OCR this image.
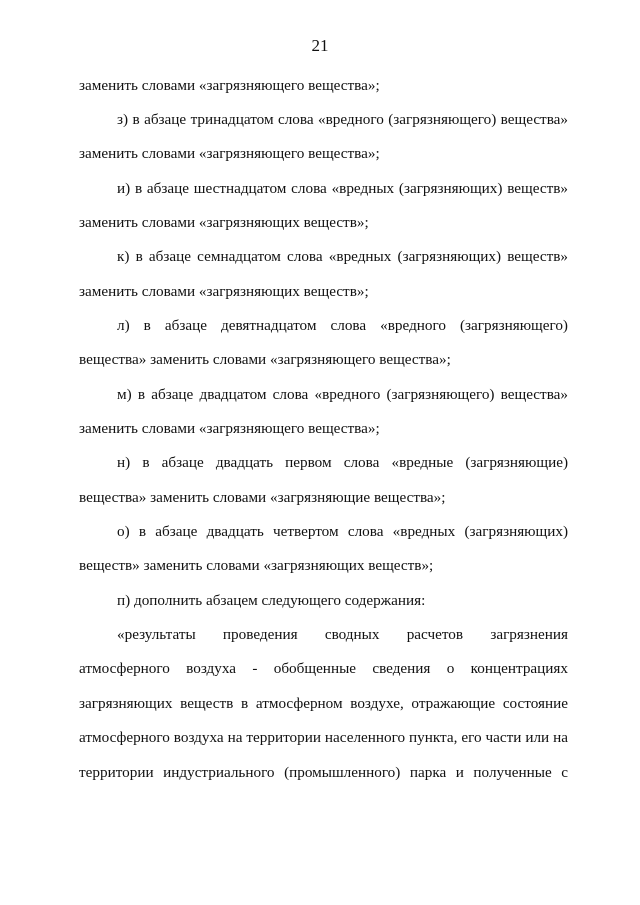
21
заменить словами «загрязняющего вещества»;
з) в абзаце тринадцатом слова «вредного (загрязняющего) вещества»
заменить словами «загрязняющего вещества»;
и) в абзаце шестнадцатом слова «вредных (загрязняющих) веществ»
заменить словами «загрязняющих веществ»;
к) в абзаце семнадцатом слова «вредных (загрязняющих) веществ»
заменить словами «загрязняющих веществ»;
л) в абзаце девятнадцатом слова «вредного (загрязняющего)
вещества» заменить словами «загрязняющего вещества»;
м) в абзаце двадцатом слова «вредного (загрязняющего) вещества»
заменить словами «загрязняющего вещества»;
н) в абзаце двадцать первом слова «вредные (загрязняющие)
вещества» заменить словами «загрязняющие вещества»;
о) в абзаце двадцать четвертом слова «вредных (загрязняющих)
веществ» заменить словами «загрязняющих веществ»;
п) дополнить абзацем следующего содержания:
«результаты проведения сводных расчетов загрязнения
атмосферного воздуха - обобщенные сведения о концентрациях
загрязняющих веществ в атмосферном воздухе, отражающие состояние
атмосферного воздуха на территории населенного пункта, его части или на
территории индустриального (промышленного) парка и полученные с
